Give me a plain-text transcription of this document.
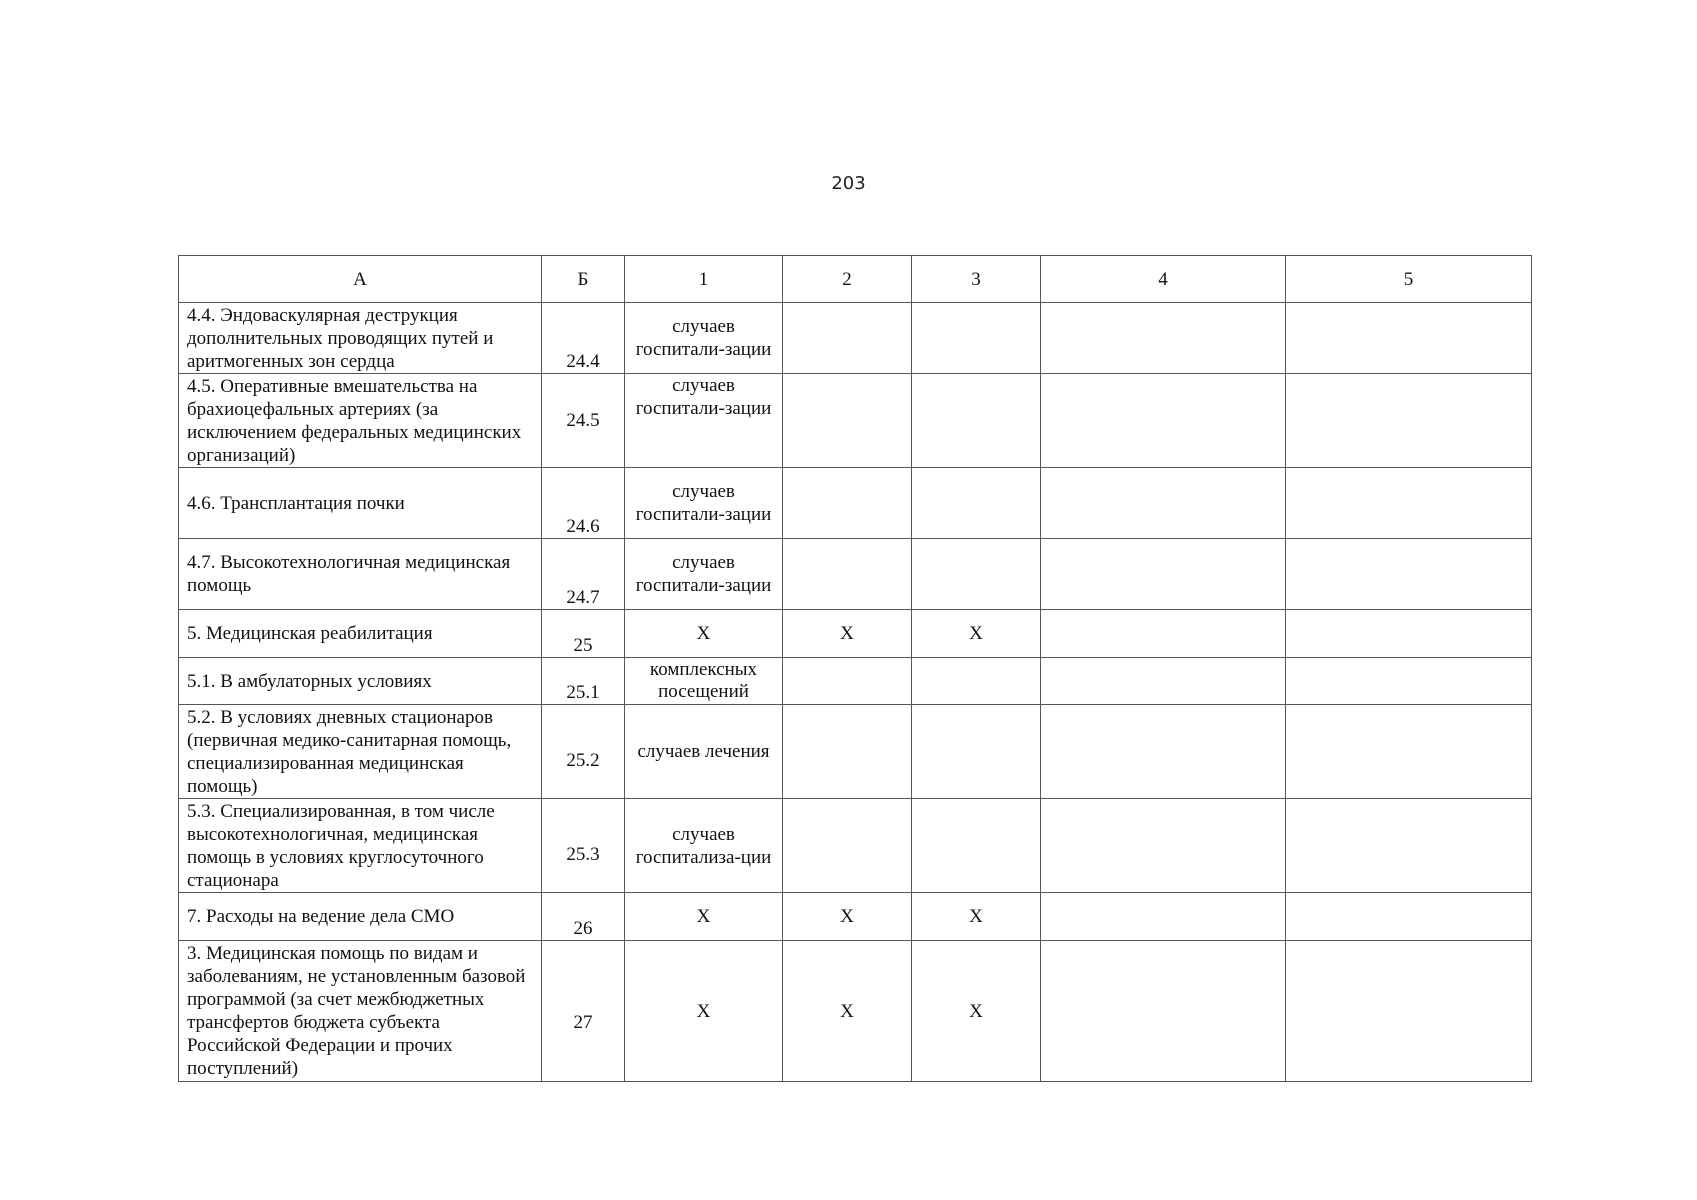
203
А	Б	1	2	3	4	5
4.4. Эндоваскулярная деструкция дополнительных проводящих путей и аритмогенных зон сердца	24.4	случаев госпитали-зации				
4.5. Оперативные вмешательства на брахиоцефальных артериях (за исключением федеральных медицинских организаций)	24.5	случаев госпитали-зации				
4.6. Трансплантация почки	24.6	случаев госпитали-зации				
4.7. Высокотехнологичная медицинская помощь	24.7	случаев госпитали-зации				
5. Медицинская реабилитация	25	Х	Х	Х		
5.1. В амбулаторных условиях	25.1	комплексных посещений				
5.2. В условиях дневных стационаров (первичная медико-санитарная помощь, специализированная медицинская помощь)	25.2	случаев лечения				
5.3. Специализированная, в том числе высокотехнологичная, медицинская помощь в условиях круглосуточного стационара	25.3	случаев госпитализа-ции				
7. Расходы на ведение дела СМО	26	Х	Х	Х		
3. Медицинская помощь по видам и заболеваниям, не установленным базовой программой (за счет межбюджетных трансфертов бюджета субъекта Российской Федерации и прочих поступлений)	27	Х	Х	Х		
